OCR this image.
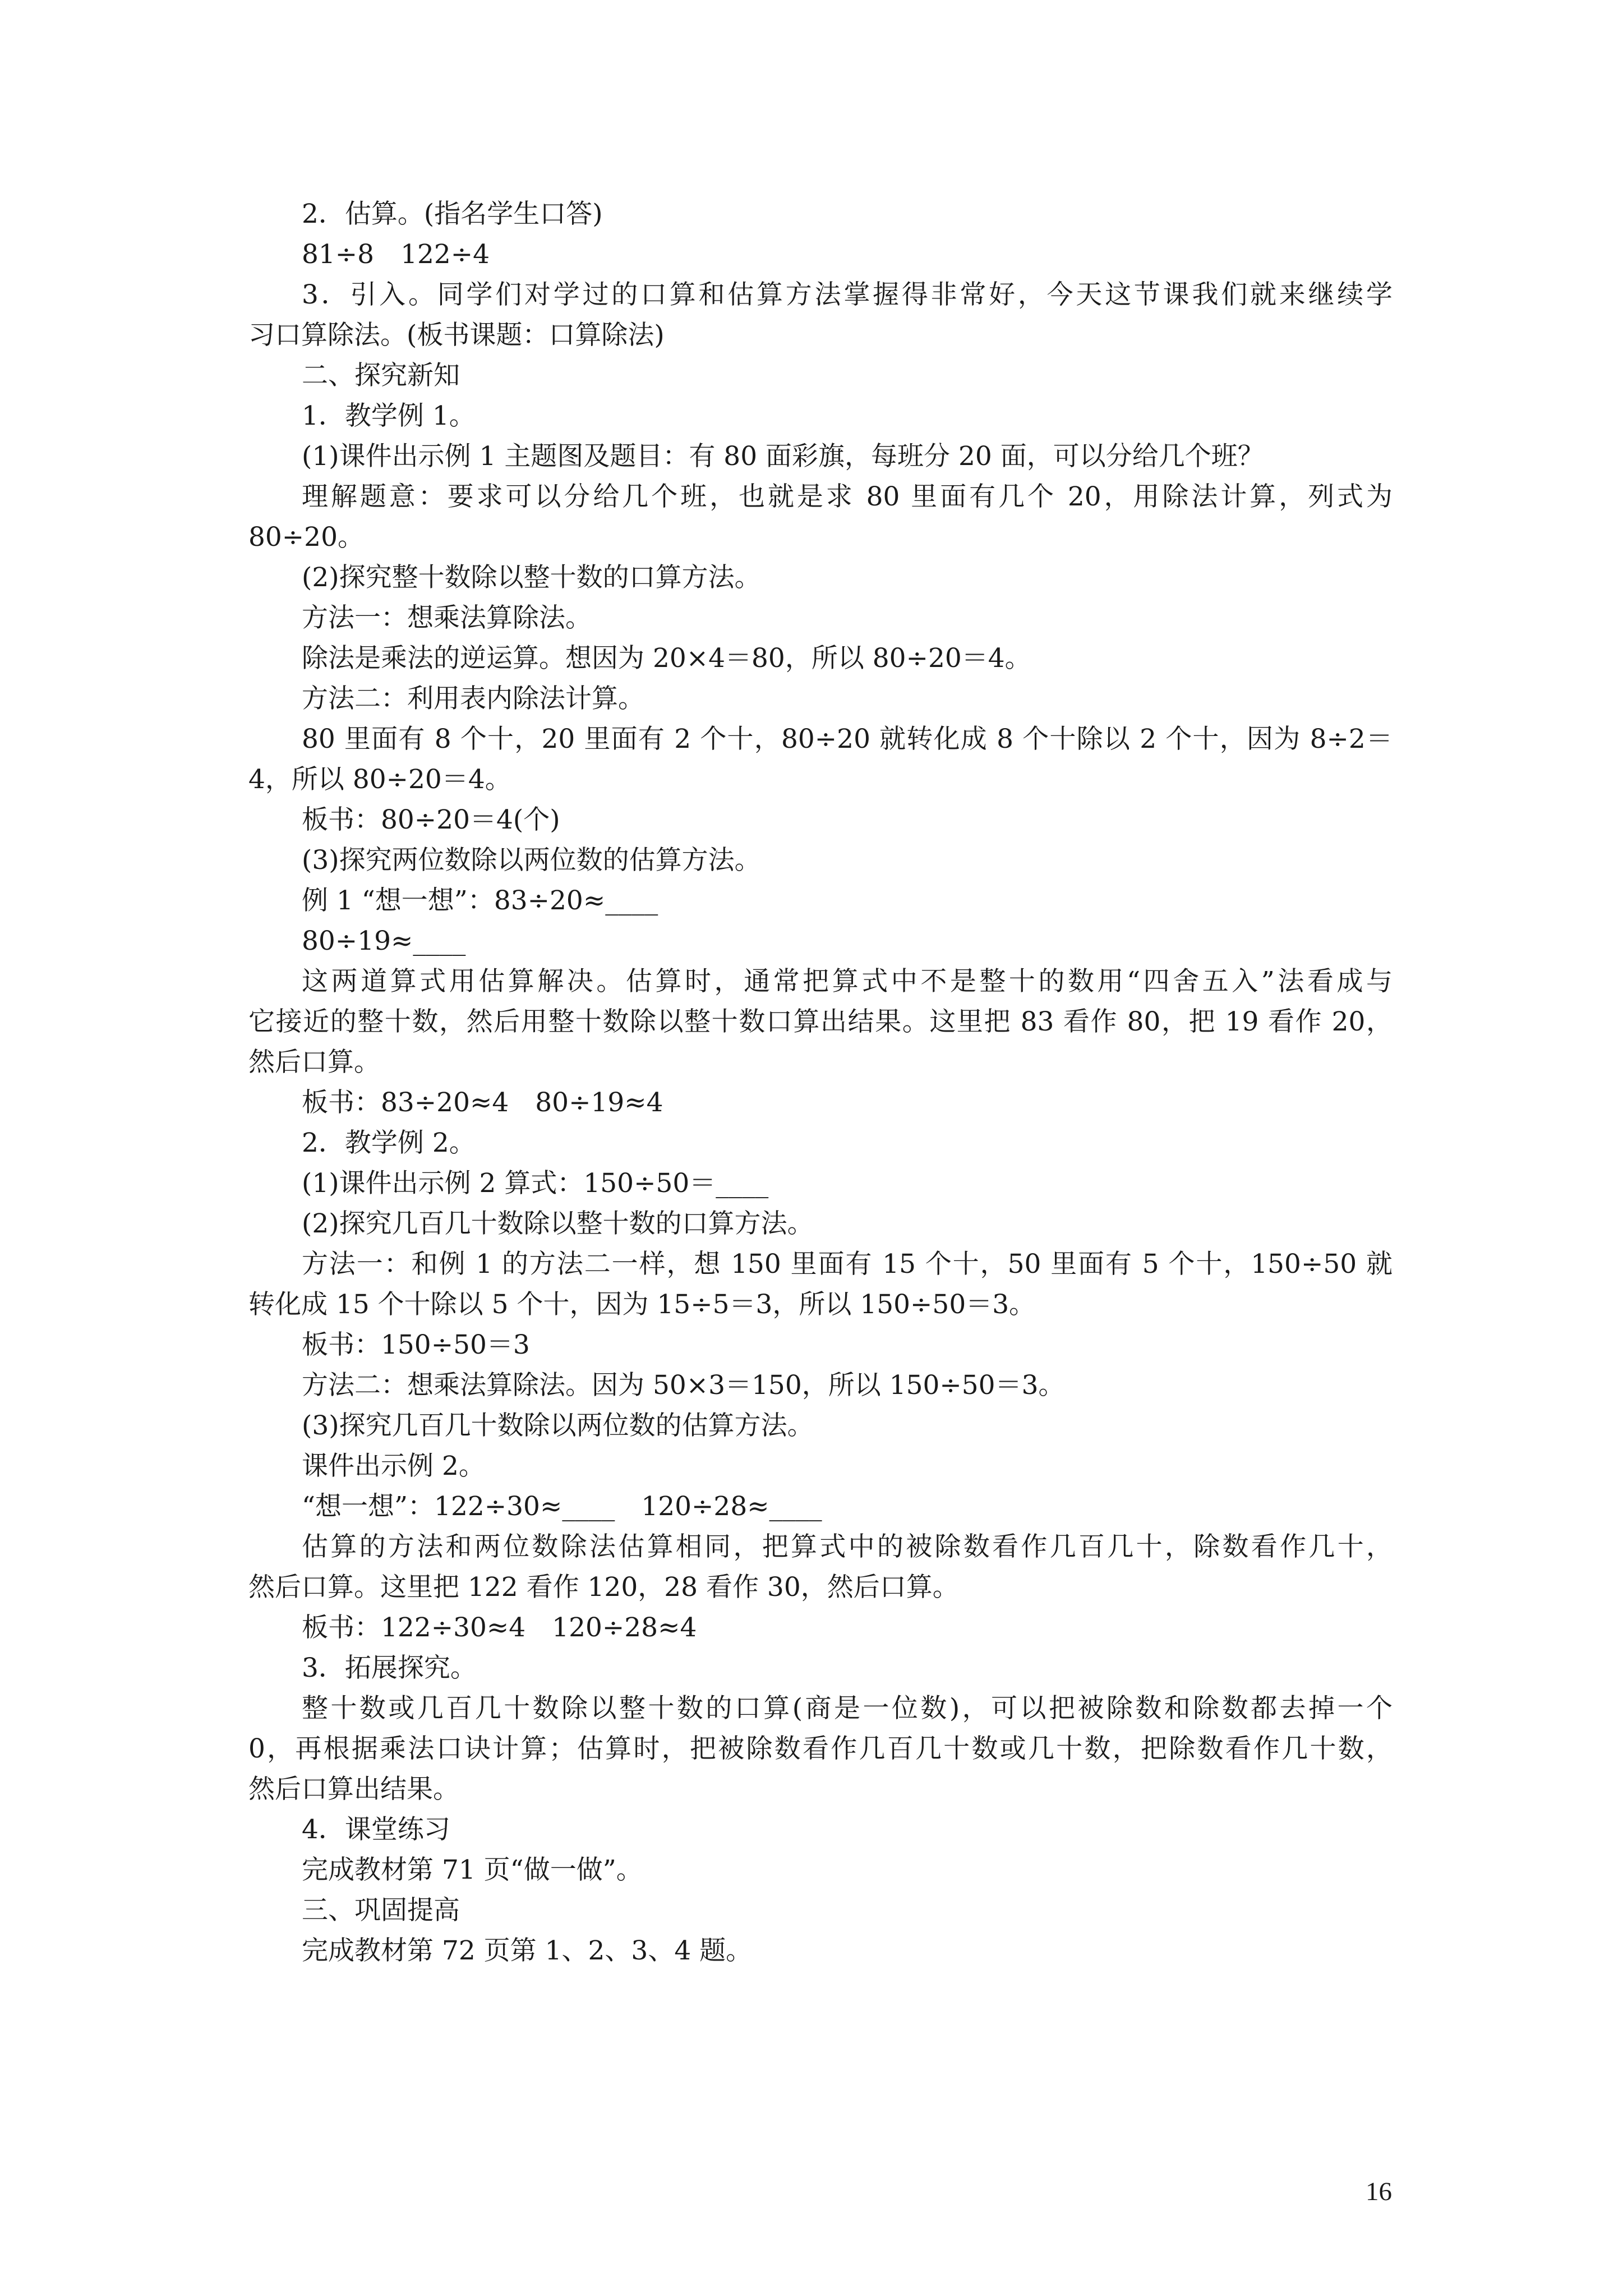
2．估算。(指名学生口答)

81÷8　122÷4

3．引入。同学们对学过的口算和估算方法掌握得非常好，今天这节课我们就来继续学

习口算除法。(板书课题：口算除法)

二、探究新知

1．教学例 1。

(1)课件出示例 1 主题图及题目：有 80 面彩旗，每班分 20 面，可以分给几个班？

理解题意：要求可以分给几个班，也就是求 80 里面有几个 20，用除法计算，列式为

80÷20。

(2)探究整十数除以整十数的口算方法。

方法一：想乘法算除法。

除法是乘法的逆运算。想因为 20×4＝80，所以 80÷20＝4。

方法二：利用表内除法计算。

80 里面有 8 个十，20 里面有 2 个十，80÷20 就转化成 8 个十除以 2 个十，因为 8÷2＝

4，所以 80÷20＝4。

板书：80÷20＝4(个)

(3)探究两位数除以两位数的估算方法。

例 1 “想一想”：83÷20≈____

80÷19≈____

这两道算式用估算解决。估算时，通常把算式中不是整十的数用“四舍五入”法看成与

它接近的整十数，然后用整十数除以整十数口算出结果。这里把 83 看作 80，把 19 看作 20，

然后口算。

板书：83÷20≈4　80÷19≈4

2．教学例 2。

(1)课件出示例 2 算式：150÷50＝____

(2)探究几百几十数除以整十数的口算方法。

方法一：和例 1 的方法二一样，想 150 里面有 15 个十，50 里面有 5 个十，150÷50 就

转化成 15 个十除以 5 个十，因为 15÷5＝3，所以 150÷50＝3。

板书：150÷50＝3

方法二：想乘法算除法。因为 50×3＝150，所以 150÷50＝3。

(3)探究几百几十数除以两位数的估算方法。

课件出示例 2。

“想一想”：122÷30≈____　120÷28≈____

估算的方法和两位数除法估算相同，把算式中的被除数看作几百几十，除数看作几十，

然后口算。这里把 122 看作 120，28 看作 30，然后口算。

板书：122÷30≈4　120÷28≈4

3．拓展探究。

整十数或几百几十数除以整十数的口算(商是一位数)，可以把被除数和除数都去掉一个

0，再根据乘法口诀计算；估算时，把被除数看作几百几十数或几十数，把除数看作几十数，

然后口算出结果。

4．课堂练习

完成教材第 71 页“做一做”。

三、巩固提高

完成教材第 72 页第 1、2、3、4 题。

16
